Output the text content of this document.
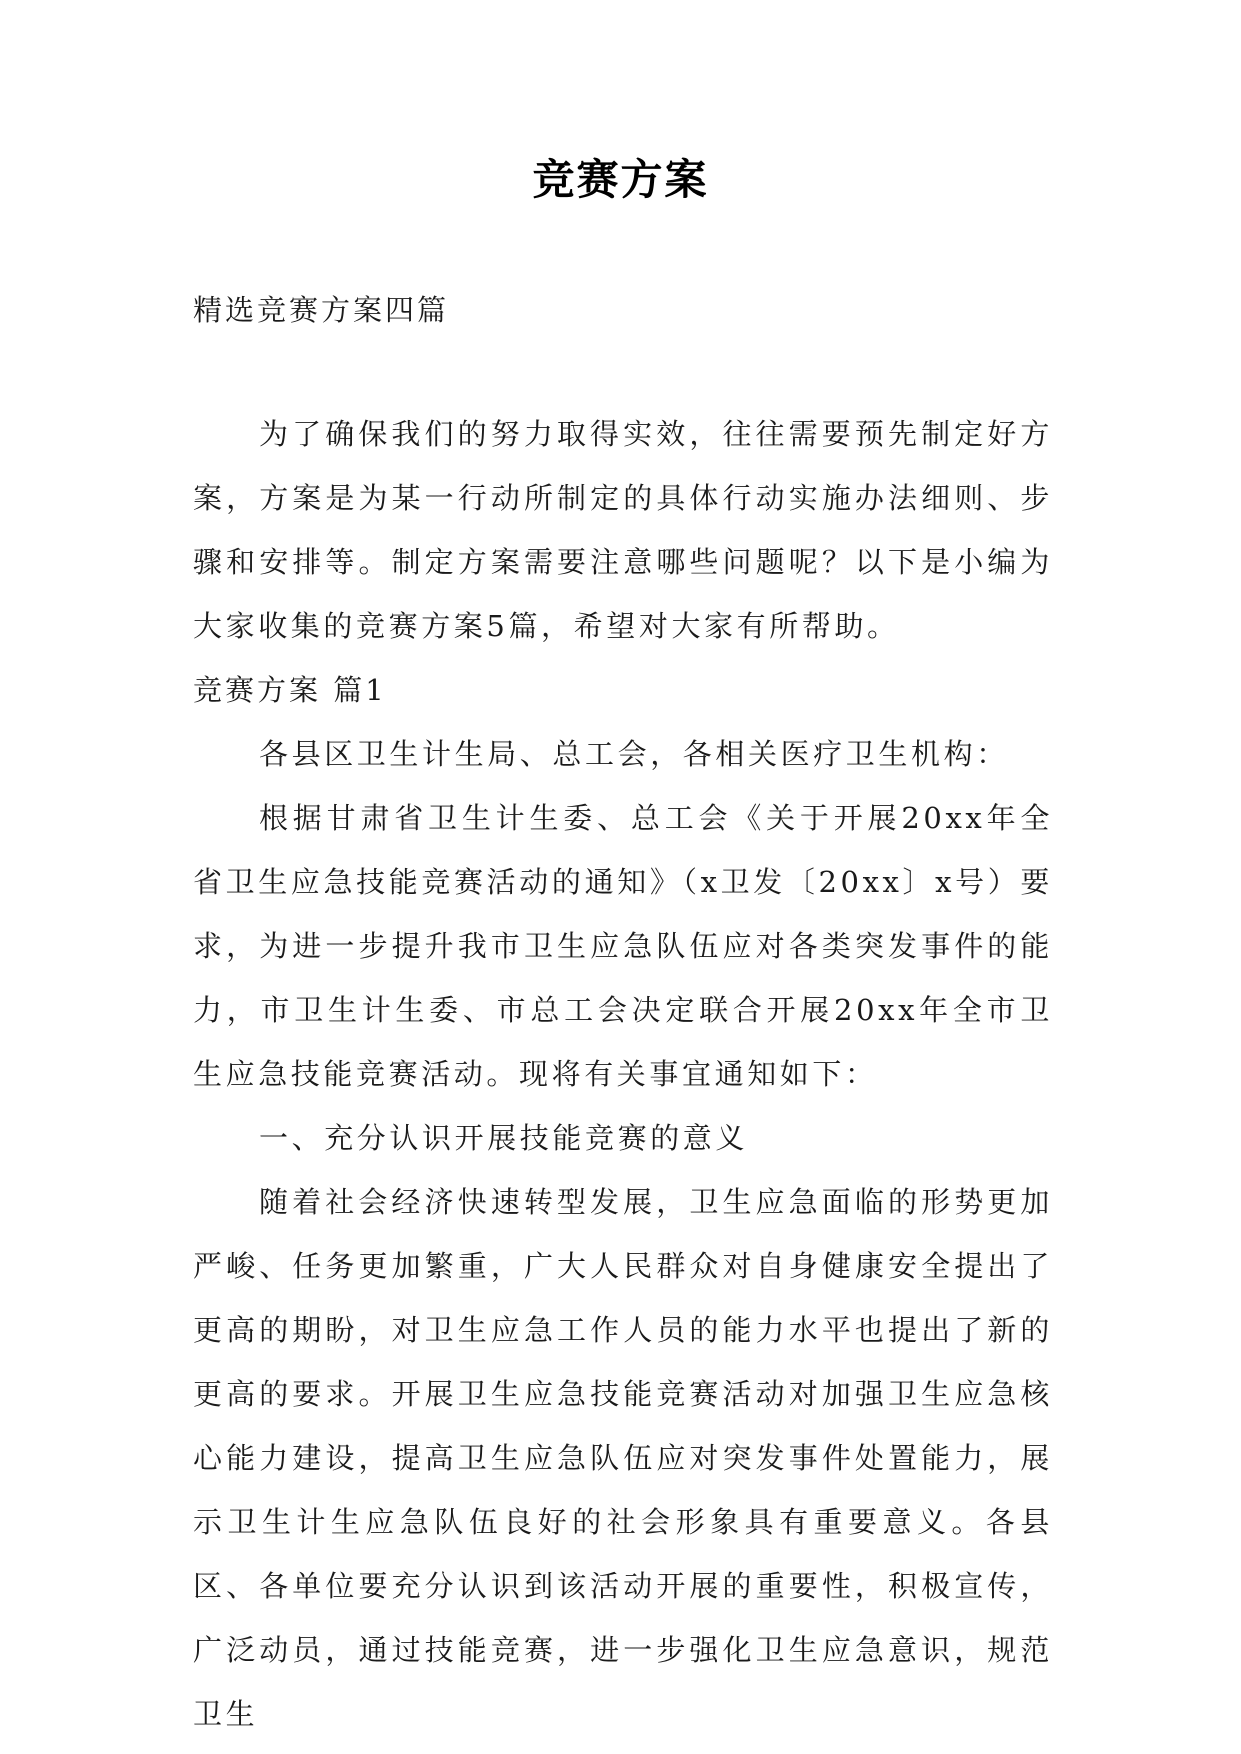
竞赛方案
精选竞赛方案四篇

为了确保我们的努力取得实效，往往需要预先制定好方案，方案是为某一行动所制定的具体行动实施办法细则、步骤和安排等。制定方案需要注意哪些问题呢？以下是小编为大家收集的竞赛方案5篇，希望对大家有所帮助。

竞赛方案 篇1

各县区卫生计生局、总工会，各相关医疗卫生机构：

根据甘肃省卫生计生委、总工会《关于开展20xx年全省卫生应急技能竞赛活动的通知》（x卫发〔20xx〕x号）要求，为进一步提升我市卫生应急队伍应对各类突发事件的能力，市卫生计生委、市总工会决定联合开展20xx年全市卫生应急技能竞赛活动。现将有关事宜通知如下：

一、充分认识开展技能竞赛的意义

随着社会经济快速转型发展，卫生应急面临的形势更加严峻、任务更加繁重，广大人民群众对自身健康安全提出了更高的期盼，对卫生应急工作人员的能力水平也提出了新的更高的要求。开展卫生应急技能竞赛活动对加强卫生应急核心能力建设，提高卫生应急队伍应对突发事件处置能力，展示卫生计生应急队伍良好的社会形象具有重要意义。各县区、各单位要充分认识到该活动开展的重要性，积极宣传，广泛动员，通过技能竞赛，进一步强化卫生应急意识，规范卫生
